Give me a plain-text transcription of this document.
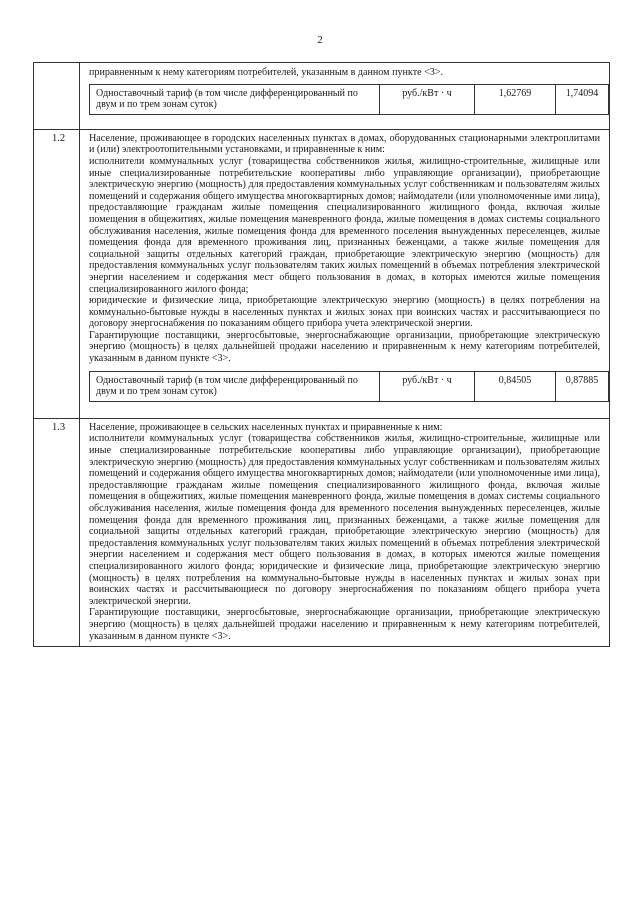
2

приравненным к нему категориям потребителей, указанным в данном пункте <3>.

Одноставочный тариф (в том числе дифференцированный по двум и по трем зонам суток)	руб./кВт · ч	1,62769	1,74094

1.2	Население, проживающее в городских населенных пунктах в домах, оборудованных стационарными электроплитами и (или) электроотопительными установками, и приравненные к ним:

исполнители коммунальных услуг (товарищества собственников жилья, жилищно-строительные, жилищные или иные специализированные потребительские кооперативы либо управляющие организации), приобретающие электрическую энергию (мощность) для предоставления коммунальных услуг собственникам и пользователям жилых помещений и содержания общего имущества многоквартирных домов; наймодатели (или уполномоченные ими лица), предоставляющие гражданам жилые помещения специализированного жилищного фонда, включая жилые помещения в общежитиях, жилые помещения маневренного фонда, жилые помещения в домах системы социального обслуживания населения, жилые помещения фонда для временного поселения вынужденных переселенцев, жилые помещения фонда для временного проживания лиц, признанных беженцами, а также жилые помещения для социальной защиты отдельных категорий граждан, приобретающие электрическую энергию (мощность) для предоставления коммунальных услуг пользователям таких жилых помещений в объемах потребления электрической энергии населением и содержания мест общего пользования в домах, в которых имеются жилые помещения специализированного жилого фонда;

юридические и физические лица, приобретающие электрическую энергию (мощность) в целях потребления на коммунально-бытовые нужды в населенных пунктах и жилых зонах при воинских частях и рассчитывающиеся по договору энергоснабжения по показаниям общего прибора учета электрической энергии.

Гарантирующие поставщики, энергосбытовые, энергоснабжающие организации, приобретающие электрическую энергию (мощность) в целях дальнейшей продажи населению и приравненным к нему категориям потребителей, указанным в данном пункте <3>.

Одноставочный тариф (в том числе дифференцированный по двум и по трем зонам суток)	руб./кВт · ч	0,84505	0,87885

1.3	Население, проживающее в сельских населенных пунктах и приравненные к ним:

исполнители коммунальных услуг (товарищества собственников жилья, жилищно-строительные, жилищные или иные специализированные потребительские кооперативы либо управляющие организации), приобретающие электрическую энергию (мощность) для предоставления коммунальных услуг собственникам и пользователям жилых помещений и содержания общего имущества многоквартирных домов; наймодатели (или уполномоченные ими лица), предоставляющие гражданам жилые помещения специализированного жилищного фонда, включая жилые помещения в общежитиях, жилые помещения маневренного фонда, жилые помещения в домах системы социального обслуживания населения, жилые помещения фонда для временного поселения вынужденных переселенцев, жилые помещения фонда для временного проживания лиц, признанных беженцами, а также жилые помещения для социальной защиты отдельных категорий граждан, приобретающие электрическую энергию (мощность) для предоставления коммунальных услуг пользователям таких жилых помещений в объемах потребления электрической энергии населением и содержания мест общего пользования в домах, в которых имеются жилые помещения специализированного жилого фонда; юридические и физические лица, приобретающие электрическую энергию (мощность) в целях потребления на коммунально-бытовые нужды в населенных пунктах и жилых зонах при воинских частях и рассчитывающиеся по договору энергоснабжения по показаниям общего прибора учета электрической энергии.

Гарантирующие поставщики, энергосбытовые, энергоснабжающие организации, приобретающие электрическую энергию (мощность) в целях дальнейшей продажи населению и приравненным к нему категориям потребителей, указанным в данном пункте <3>.
